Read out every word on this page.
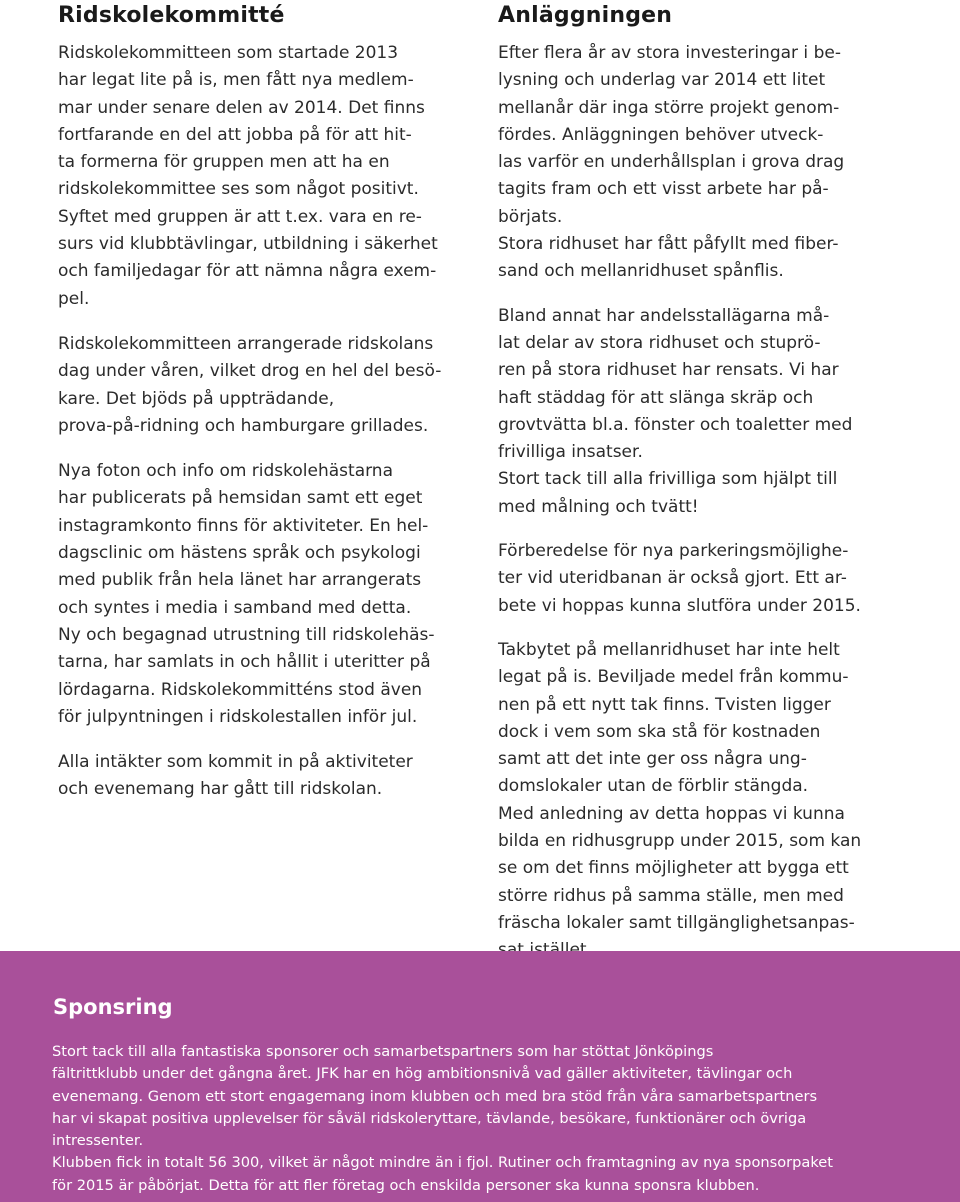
Ridskolekommitté

Ridskolekommitteen som startade 2013
har legat lite på is, men fått nya medlem-
mar under senare delen av 2014. Det finns
fortfarande en del att jobba på för att hit-
ta formerna för gruppen men att ha en
ridskolekommittee ses som något positivt.
Syftet med gruppen är att t.ex. vara en re-
surs vid klubbtävlingar, utbildning i säkerhet
och familjedagar för att nämna några exem-
pel.

Ridskolekommitteen arrangerade ridskolans
dag under våren, vilket drog en hel del besö-
kare. Det bjöds på uppträdande,
prova-på-ridning och hamburgare grillades.

Nya foton och info om ridskolehästarna
har publicerats på hemsidan samt ett eget
instagramkonto finns för aktiviteter. En hel-
dagsclinic om hästens språk och psykologi
med publik från hela länet har arrangerats
och syntes i media i samband med detta.
Ny och begagnad utrustning till ridskolehäs-
tarna, har samlats in och hållit i uteritter på
lördagarna. Ridskolekommitténs stod även
för julpyntningen i ridskolestallen inför jul.

Alla intäkter som kommit in på aktiviteter
och evenemang har gått till ridskolan.

Anläggningen

Efter flera år av stora investeringar i be-
lysning och underlag var 2014 ett litet
mellanår där inga större projekt genom-
fördes. Anläggningen behöver utveck-
las varför en underhållsplan i grova drag
tagits fram och ett visst arbete har på-
börjats.
Stora ridhuset har fått påfyllt med fiber-
sand och mellanridhuset spånflis.

Bland annat har andelsstallägarna må-
lat delar av stora ridhuset och stuprö-
ren på stora ridhuset har rensats. Vi har
haft städdag för att slänga skräp och
grovtvätta bl.a. fönster och toaletter med
frivilliga insatser.
Stort tack till alla frivilliga som hjälpt till
med målning och tvätt!

Förberedelse för nya parkeringsmöjlighe-
ter vid uteridbanan är också gjort. Ett ar-
bete vi hoppas kunna slutföra under 2015.

Takbytet på mellanridhuset har inte helt
legat på is. Beviljade medel från kommu-
nen på ett nytt tak finns. Tvisten ligger
dock i vem som ska stå för kostnaden
samt att det inte ger oss några ung-
domslokaler utan de förblir stängda.
Med anledning av detta hoppas vi kunna
bilda en ridhusgrupp under 2015, som kan
se om det finns möjligheter att bygga ett
större ridhus på samma ställe, men med
fräscha lokaler samt tillgänglighetsanpas-

Sponsring

Stort tack till alla fantastiska sponsorer och samarbetspartners som har stöttat Jönköpings
fältrittklubb under det gångna året. JFK har en hög ambitionsnivå vad gäller aktiviteter, tävlingar och
evenemang. Genom ett stort engagemang inom klubben och med bra stöd från våra samarbetspartners
har vi skapat positiva upplevelser för såväl ridskoleryttare, tävlande, besökare, funktionärer och övriga
intressenter.
Klubben fick in totalt 56 300, vilket är något mindre än i fjol. Rutiner och framtagning av nya sponsorpaket
för 2015 är påbörjat. Detta för att fler företag och enskilda personer ska kunna sponsra klubben.
